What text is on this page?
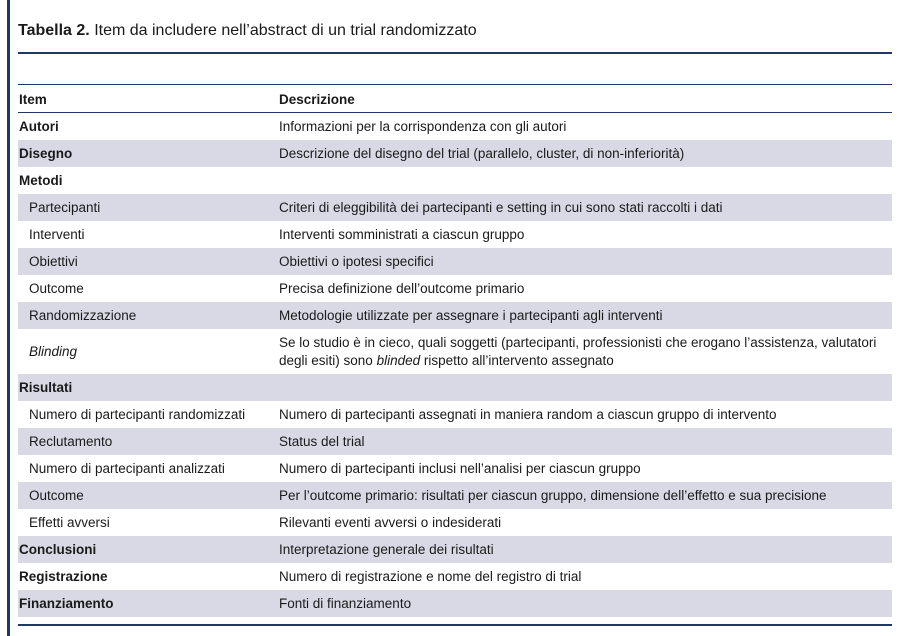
Tabella 2. Item da includere nell’abstract di un trial randomizzato
Item	Descrizione
Autori	Informazioni per la corrispondenza con gli autori
Disegno	Descrizione del disegno del trial (parallelo, cluster, di non-inferiorità)
Metodi	
Partecipanti	Criteri di eleggibilità dei partecipanti e setting in cui sono stati raccolti i dati
Interventi	Interventi somministrati a ciascun gruppo
Obiettivi	Obiettivi o ipotesi specifici
Outcome	Precisa definizione dell’outcome primario
Randomizzazione	Metodologie utilizzate per assegnare i partecipanti agli interventi
Blinding	Se lo studio è in cieco, quali soggetti (partecipanti, professionisti che erogano l’assistenza, valutatori degli esiti) sono blinded rispetto all’intervento assegnato
Risultati	
Numero di partecipanti randomizzati	Numero di partecipanti assegnati in maniera random a ciascun gruppo di intervento
Reclutamento	Status del trial
Numero di partecipanti analizzati	Numero di partecipanti inclusi nell’analisi per ciascun gruppo
Outcome	Per l’outcome primario: risultati per ciascun gruppo, dimensione dell’effetto e sua precisione
Effetti avversi	Rilevanti eventi avversi o indesiderati
Conclusioni	Interpretazione generale dei risultati
Registrazione	Numero di registrazione e nome del registro di trial
Finanziamento	Fonti di finanziamento
